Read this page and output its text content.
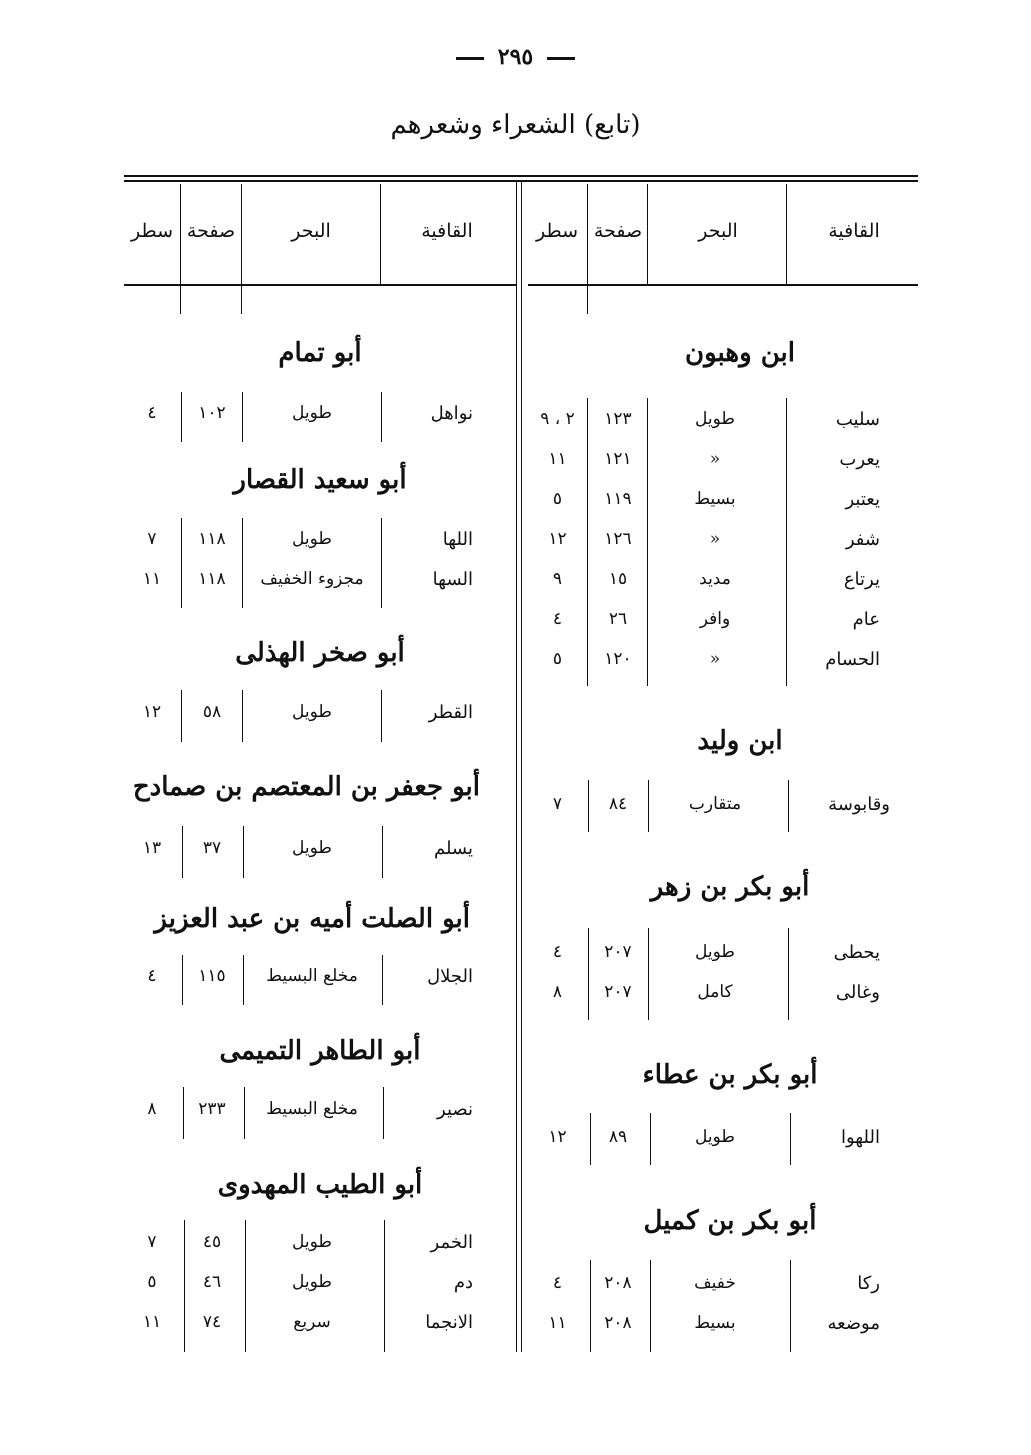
٢٩٥
(تابع) الشعراء وشعرهم
القافية
البحر
صفحة
سطر
القافية
البحر
صفحة
سطر
ابن وهبون
سليب
طويل
١٢٣
٢ ، ٩
يعرب
«
١٢١
١١
يعتبر
بسيط
١١٩
٥
شفر
«
١٢٦
١٢
يرتاع
مديد
١٥
٩
عام
وافر
٢٦
٤
الحسام
«
١٢٠
٥
ابن وليد
وقابوسة
متقارب
٨٤
٧
أبو بكر بن زهر
يحطى
طويل
٢٠٧
٤
وغالى
كامل
٢٠٧
٨
أبو بكر بن عطاء
اللهوا
طويل
٨٩
١٢
أبو بكر بن كميل
ركا
خفيف
٢٠٨
٤
موضعه
بسيط
٢٠٨
١١
أبو تمام
نواهل
طويل
١٠٢
٤
أبو سعيد القصار
اللها
طويل
١١٨
٧
السها
مجزوء الخفيف
١١٨
١١
أبو صخر الهذلى
القطر
طويل
٥٨
١٢
أبو جعفر بن المعتصم بن صمادح
يسلم
طويل
٣٧
١٣
أبو الصلت أميه بن عبد العزيز
الجلال
مخلع البسيط
١١٥
٤
أبو الطاهر التميمى
نصير
مخلع البسيط
٢٣٣
٨
أبو الطيب المهدوى
الخمر
طويل
٤٥
٧
دم
طويل
٤٦
٥
الانجما
سريع
٧٤
١١
